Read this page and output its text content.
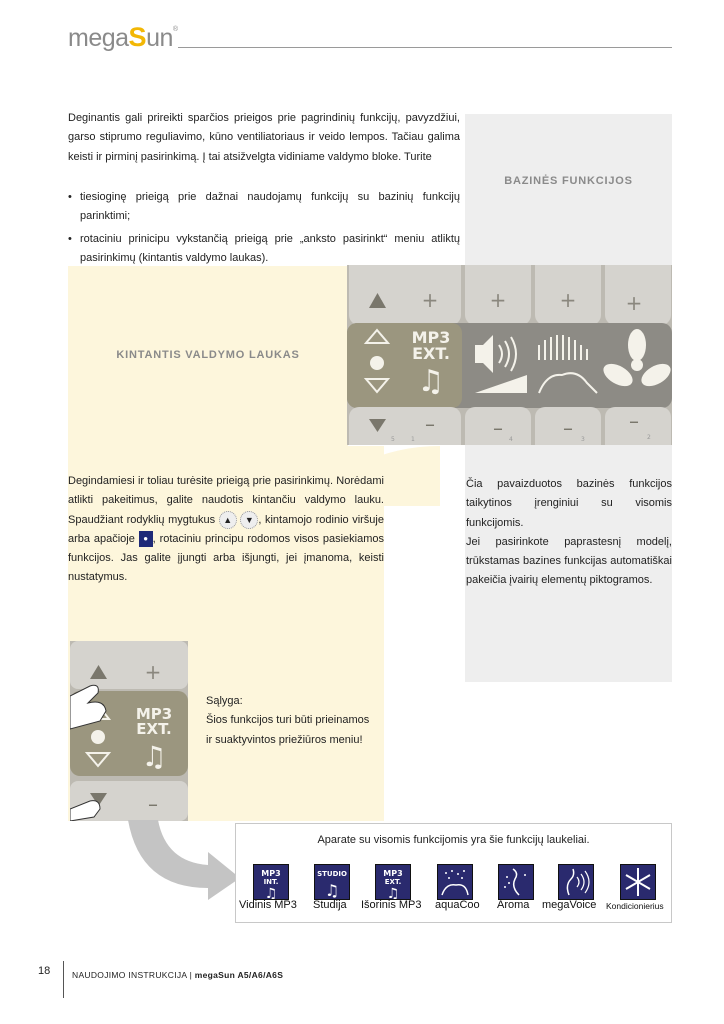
megaSun®
Deginantis gali prireikti sparčios prieigos prie pagrindinių funkcijų, pavyzdžiui, garso stiprumo reguliavimo, kūno ventiliatoriaus ir veido lempos. Tačiau galima keisti ir pirminį pasirinkimą. Į tai atsižvelgta vidiniame valdymo bloke. Turite
• tiesioginę prieigą prie dažnai naudojamų funkcijų su bazinių funkcijų parinktimi;
• rotaciniu prinicipu vykstančią prieigą prie „anksto pasirinkt“ meniu atliktų pasirinkimų (kintantis valdymo laukas).
BAZINĖS FUNKCIJOS
KINTANTIS VALDYMO LAUKAS
+	+	+ +
MP3
EXT.
♫
–	–	–	–
5	1	4	3	2
Degindamiesi ir toliau turėsite prieigą prie pasirinkimų. Norėdami atlikti pakeitimus, galite naudotis kintančiu valdymo lauku. Spaudžiant rodyklių mygtukus ▲ ▼ , kintamojo rodinio viršuje arba apačioje ● , rotaciniu principu rodomos visos pasiekiamos funkcijos. Jas galite įjungti arba išjungti, jei įmanoma, keisti nustatymus.
Čia pavaizduotos bazinės funkcijos taikytinos įrenginiui su visomis funkcijomis.
Jei pasirinkote paprastesnį modelį, trūkstamas bazines funkcijas automatiškai pakeičia įvairių elementų piktogramos.
+
MP3
EXT.
♫
–
Sąlyga:
Šios funkcijos turi būti prieinamos ir suaktyvintos priežiūros meniu!
Aparate su visomis funkcijomis yra šie funkcijų laukeliai.
MP3
INT.
♫
STUDIO
♫
MP3
EXT.
♫
Vidinis MP3 Studija Išorinis MP3 aquaCoo Aroma megaVoice Kondicionierius
18	NAUDOJIMO INSTRUKCIJA | megaSun A5/A6/A6S
